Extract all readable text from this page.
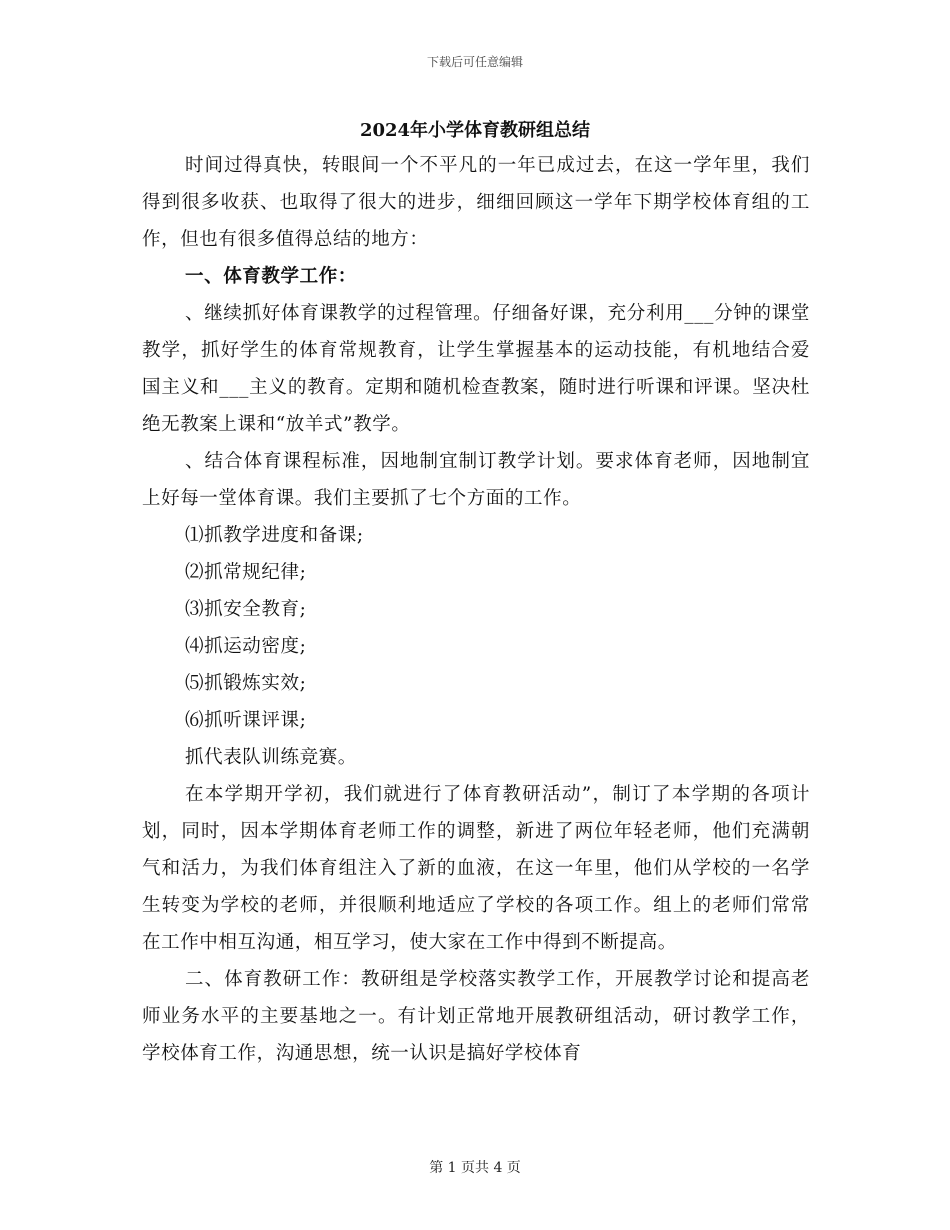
下载后可任意编辑
2024年小学体育教研组总结

时间过得真快，转眼间一个不平凡的一年已成过去，在这一学年里，我们得到很多收获、也取得了很大的进步，细细回顾这一学年下期学校体育组的工作，但也有很多值得总结的地方：

一、体育教学工作：

、继续抓好体育课教学的过程管理。仔细备好课，充分利用___分钟的课堂教学，抓好学生的体育常规教育，让学生掌握基本的运动技能，有机地结合爱国主义和___主义的教育。定期和随机检查教案，随时进行听课和评课。坚决杜绝无教案上课和“放羊式”教学。

、结合体育课程标准，因地制宜制订教学计划。要求体育老师，因地制宜上好每一堂体育课。我们主要抓了七个方面的工作。

⑴抓教学进度和备课;

⑵抓常规纪律;

⑶抓安全教育;

⑷抓运动密度;

⑸抓锻炼实效;

⑹抓听课评课;

抓代表队训练竞赛。

在本学期开学初，我们就进行了体育教研活动”，制订了本学期的各项计划，同时，因本学期体育老师工作的调整，新进了两位年轻老师，他们充满朝气和活力，为我们体育组注入了新的血液，在这一年里，他们从学校的一名学生转变为学校的老师，并很顺利地适应了学校的各项工作。组上的老师们常常在工作中相互沟通，相互学习，使大家在工作中得到不断提高。

二、体育教研工作：教研组是学校落实教学工作，开展教学讨论和提高老师业务水平的主要基地之一。有计划正常地开展教研组活动，研讨教学工作，学校体育工作，沟通思想，统一认识是搞好学校体育

第 1 页共 4 页
